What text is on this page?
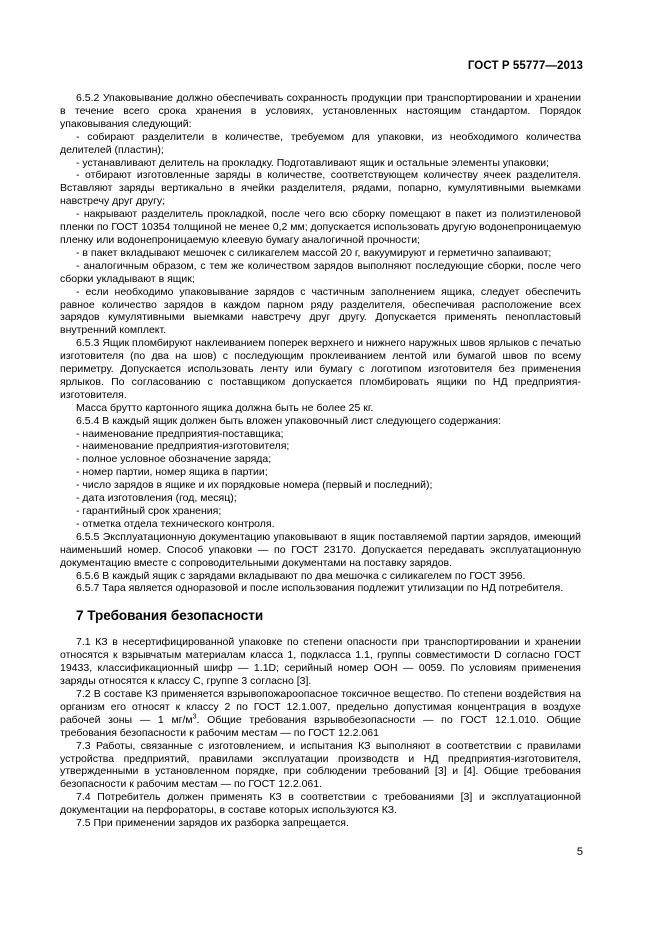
ГОСТ Р 55777—2013

6.5.2 Упаковывание должно обеспечивать сохранность продукции при транспортировании и хранении в течение всего срока хранения в условиях, установленных настоящим стандартом. Порядок упаковывания следующий:

- собирают разделители в количестве, требуемом для упаковки, из необходимого количества делителей (пластин);

- устанавливают делитель на прокладку. Подготавливают ящик и остальные элементы упаковки;

- отбирают изготовленные заряды в количестве, соответствующем количеству ячеек разделителя. Вставляют заряды вертикально в ячейки разделителя, рядами, попарно, кумулятивными выемками навстречу друг другу;

- накрывают разделитель прокладкой, после чего всю сборку помещают в пакет из полиэтиленовой пленки по ГОСТ 10354 толщиной не менее 0,2 мм; допускается использовать другую водонепроницаемую пленку или водонепроницаемую клеевую бумагу аналогичной прочности;

- в пакет вкладывают мешочек с силикагелем массой 20 г, вакуумируют и герметично запаивают;

- аналогичным образом, с тем же количеством зарядов выполняют последующие сборки, после чего сборки укладывают в ящик;

- если необходимо упаковывание зарядов с частичным заполнением ящика, следует обеспечить равное количество зарядов в каждом парном ряду разделителя, обеспечивая расположение всех зарядов кумулятивными выемками навстречу друг другу. Допускается применять пенопластовый внутренний комплект.

6.5.3 Ящик пломбируют наклеиванием поперек верхнего и нижнего наружных швов ярлыков с печатью изготовителя (по два на шов) с последующим проклеиванием лентой или бумагой швов по всему периметру. Допускается использовать ленту или бумагу с логотипом изготовителя без применения ярлыков. По согласованию с поставщиком допускается пломбировать ящики по НД предприятия-изготовителя.

Масса брутто картонного ящика должна быть не более 25 кг.

6.5.4 В каждый ящик должен быть вложен упаковочный лист следующего содержания:

- наименование предприятия-поставщика;

- наименование предприятия-изготовителя;

- полное условное обозначение заряда;

- номер партии, номер ящика в партии;

- число зарядов в ящике и их порядковые номера (первый и последний);

- дата изготовления (год, месяц);

- гарантийный срок хранения;

- отметка отдела технического контроля.

6.5.5 Эксплуатационную документацию упаковывают в ящик поставляемой партии зарядов, имеющий наименьший номер. Способ упаковки — по ГОСТ 23170. Допускается передавать эксплуатационную документацию вместе с сопроводительными документами на поставку зарядов.

6.5.6 В каждый ящик с зарядами вкладывают по два мешочка с силикагелем по ГОСТ 3956.

6.5.7 Тара является одноразовой и после использования подлежит утилизации по НД потребителя.

7 Требования безопасности

7.1 КЗ в несертифицированной упаковке по степени опасности при транспортировании и хранении относятся к взрывчатым материалам класса 1, подкласса 1.1, группы совместимости D согласно ГОСТ 19433, классификационный шифр — 1.1D; серийный номер ООН — 0059. По условиям применения заряды относятся к классу С, группе 3 согласно [3].

7.2 В составе КЗ применяется взрывопожароопасное токсичное вещество. По степени воздействия на организм его относят к классу 2 по ГОСТ 12.1.007, предельно допустимая концентрация в воздухе рабочей зоны — 1 $мг/м^3$. Общие требования взрывобезопасности — по ГОСТ 12.1.010. Общие требования безопасности к рабочим местам — по ГОСТ 12.2.061

7.3 Работы, связанные с изготовлением, и испытания КЗ выполняют в соответствии с правилами устройства предприятий, правилами эксплуатации производств и НД предприятия-изготовителя, утвержденными в установленном порядке, при соблюдении требований [3] и [4]. Общие требования безопасности к рабочим местам — по ГОСТ 12.2.061.

7.4 Потребитель должен применять КЗ в соответствии с требованиями [3] и эксплуатационной документации на перфораторы, в составе которых используются КЗ.

7.5 При применении зарядов их разборка запрещается.

5
